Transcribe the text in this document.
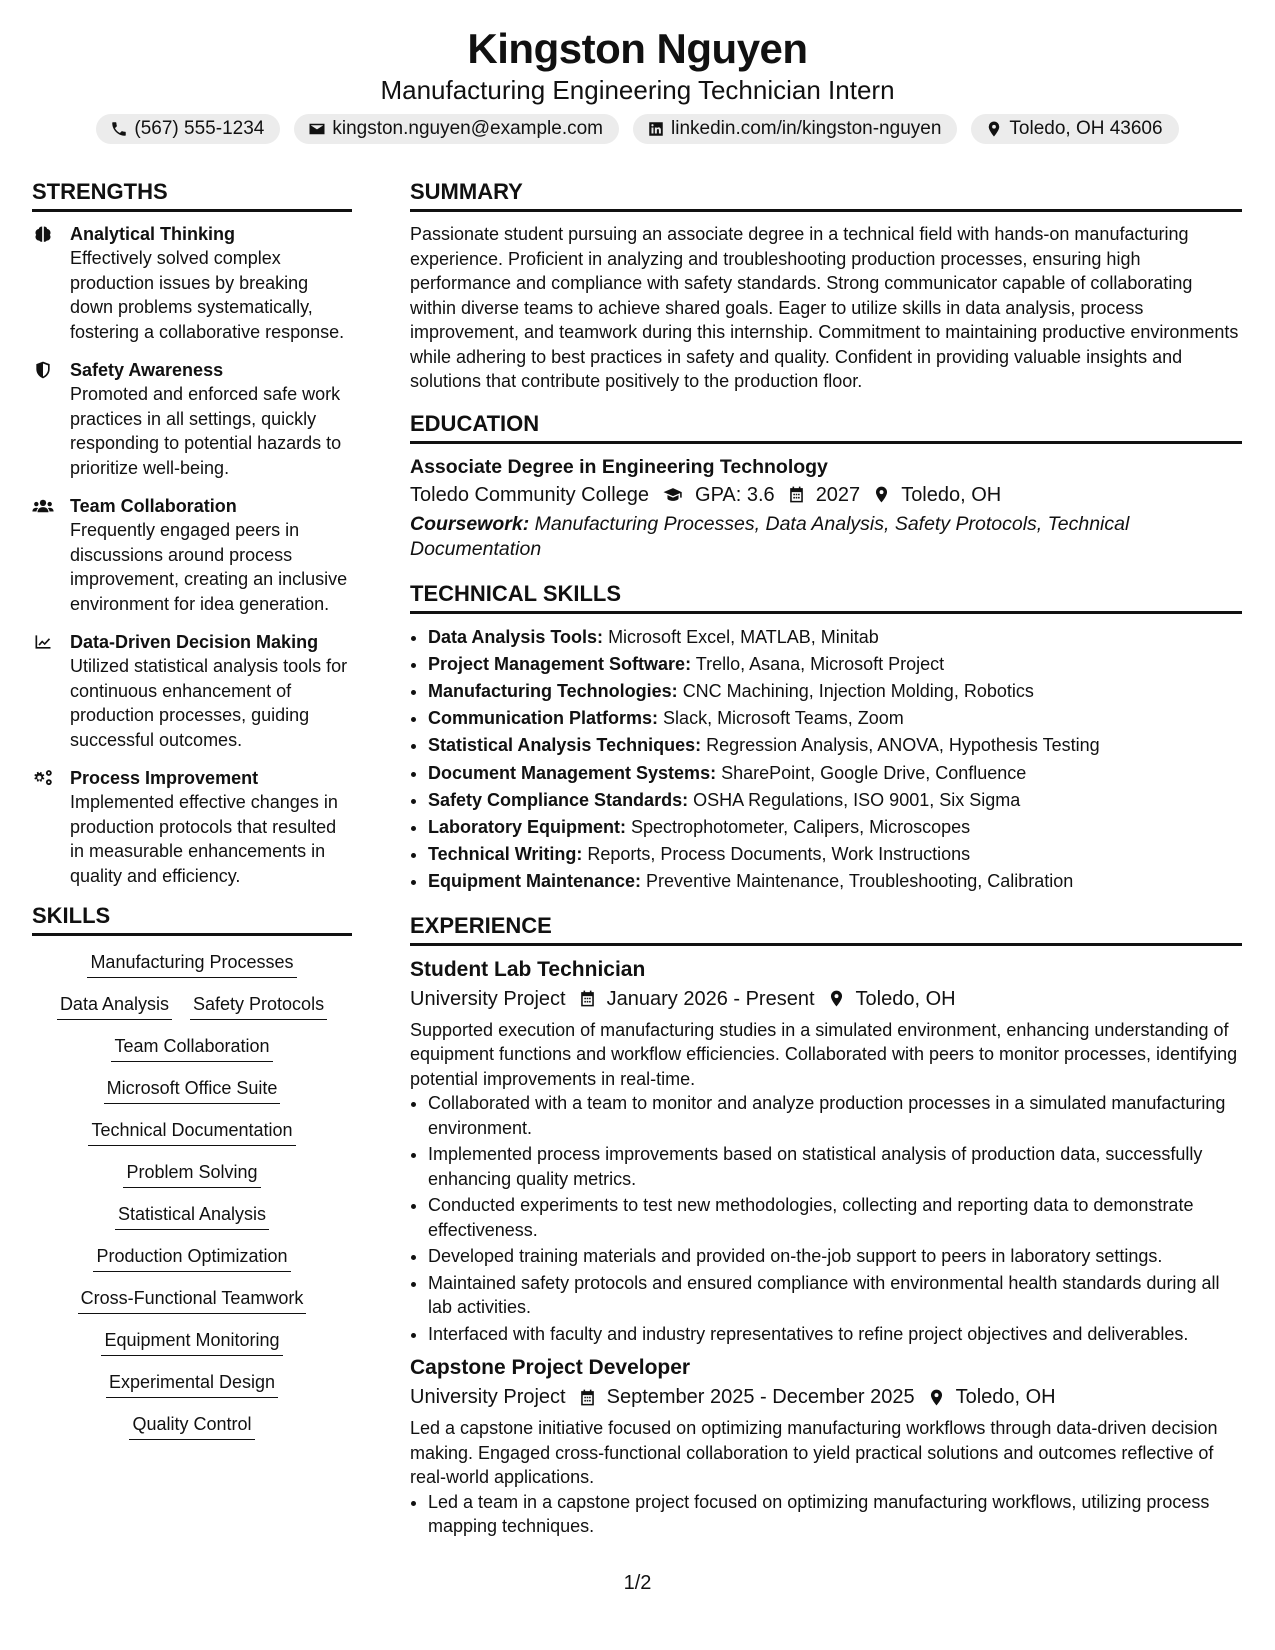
Kingston Nguyen
Manufacturing Engineering Technician Intern
(567) 555-1234	kingston.nguyen@example.com	linkedin.com/in/kingston-nguyen	Toledo, OH 43606
STRENGTHS
Analytical Thinking
Effectively solved complex production issues by breaking down problems systematically, fostering a collaborative response.
Safety Awareness
Promoted and enforced safe work practices in all settings, quickly responding to potential hazards to prioritize well-being.
Team Collaboration
Frequently engaged peers in discussions around process improvement, creating an inclusive environment for idea generation.
Data-Driven Decision Making
Utilized statistical analysis tools for continuous enhancement of production processes, guiding successful outcomes.
Process Improvement
Implemented effective changes in production protocols that resulted in measurable enhancements in quality and efficiency.
SKILLS
Manufacturing Processes
Data Analysis Safety Protocols
Team Collaboration
Microsoft Office Suite
Technical Documentation
Problem Solving
Statistical Analysis
Production Optimization
Cross-Functional Teamwork
Equipment Monitoring
Experimental Design
Quality Control
SUMMARY
Passionate student pursuing an associate degree in a technical field with hands-on manufacturing experience. Proficient in analyzing and troubleshooting production processes, ensuring high performance and compliance with safety standards. Strong communicator capable of collaborating within diverse teams to achieve shared goals. Eager to utilize skills in data analysis, process improvement, and teamwork during this internship. Commitment to maintaining productive environments while adhering to best practices in safety and quality. Confident in providing valuable insights and solutions that contribute positively to the production floor.
EDUCATION
Associate Degree in Engineering Technology
Toledo Community College GPA: 3.6 2027 Toledo, OH
Coursework: Manufacturing Processes, Data Analysis, Safety Protocols, Technical Documentation
TECHNICAL SKILLS
• Data Analysis Tools: Microsoft Excel, MATLAB, Minitab
• Project Management Software: Trello, Asana, Microsoft Project
• Manufacturing Technologies: CNC Machining, Injection Molding, Robotics
• Communication Platforms: Slack, Microsoft Teams, Zoom
• Statistical Analysis Techniques: Regression Analysis, ANOVA, Hypothesis Testing
• Document Management Systems: SharePoint, Google Drive, Confluence
• Safety Compliance Standards: OSHA Regulations, ISO 9001, Six Sigma
• Laboratory Equipment: Spectrophotometer, Calipers, Microscopes
• Technical Writing: Reports, Process Documents, Work Instructions
• Equipment Maintenance: Preventive Maintenance, Troubleshooting, Calibration
EXPERIENCE
Student Lab Technician
University Project January 2026 - Present Toledo, OH
Supported execution of manufacturing studies in a simulated environment, enhancing understanding of equipment functions and workflow efficiencies. Collaborated with peers to monitor processes, identifying potential improvements in real-time.
• Collaborated with a team to monitor and analyze production processes in a simulated manufacturing environment.
• Implemented process improvements based on statistical analysis of production data, successfully enhancing quality metrics.
• Conducted experiments to test new methodologies, collecting and reporting data to demonstrate effectiveness.
• Developed training materials and provided on-the-job support to peers in laboratory settings.
• Maintained safety protocols and ensured compliance with environmental health standards during all lab activities.
• Interfaced with faculty and industry representatives to refine project objectives and deliverables.
Capstone Project Developer
University Project September 2025 - December 2025 Toledo, OH
Led a capstone initiative focused on optimizing manufacturing workflows through data-driven decision making. Engaged cross-functional collaboration to yield practical solutions and outcomes reflective of real-world applications.
• Led a team in a capstone project focused on optimizing manufacturing workflows, utilizing process mapping techniques.
1/2
